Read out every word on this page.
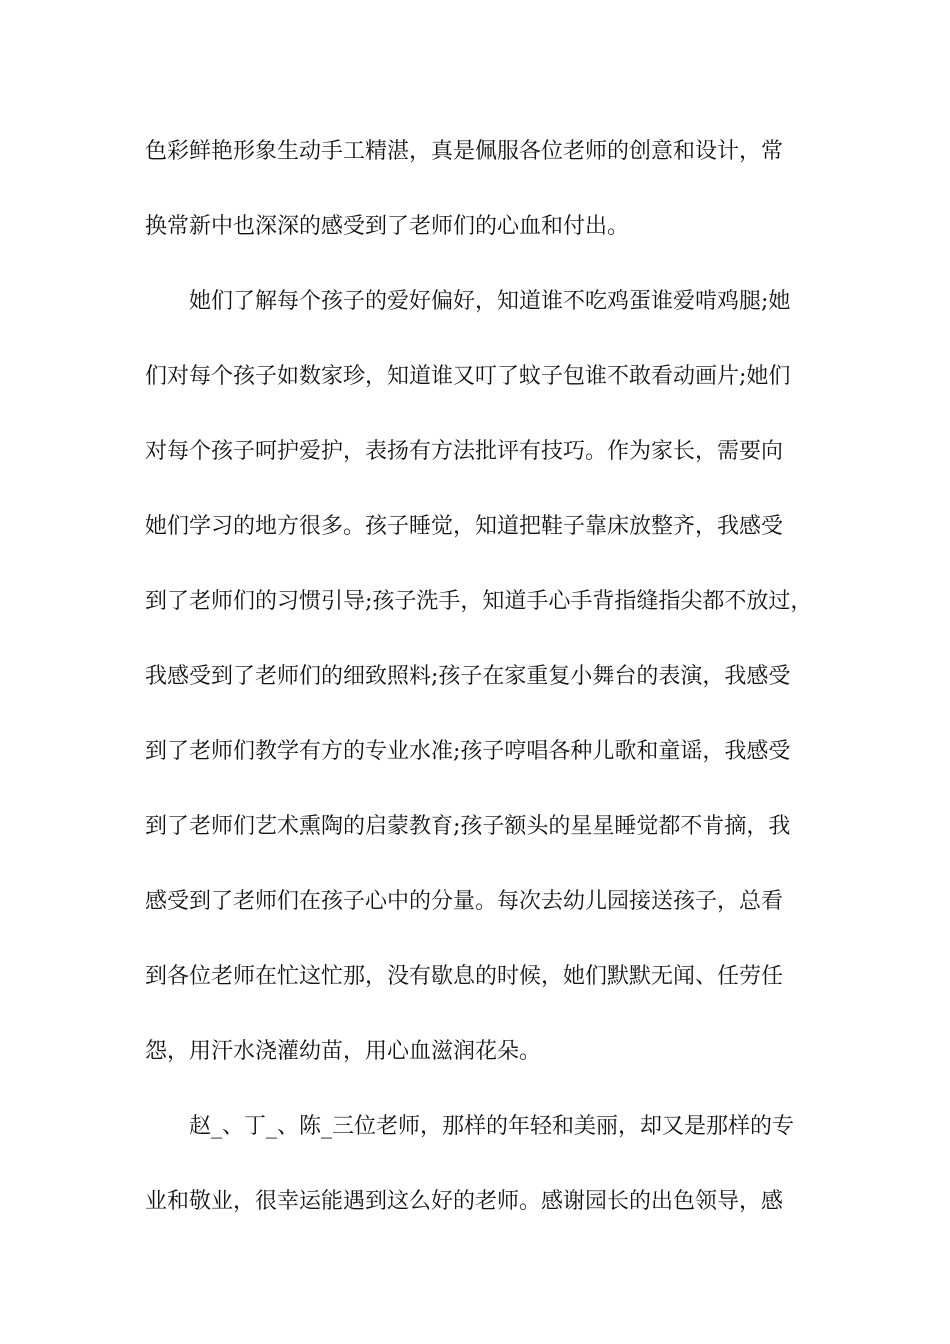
色彩鲜艳形象生动手工精湛，真是佩服各位老师的创意和设计，常
换常新中也深深的感受到了老师们的心血和付出。
她们了解每个孩子的爱好偏好，知道谁不吃鸡蛋谁爱啃鸡腿;她
们对每个孩子如数家珍，知道谁又叮了蚊子包谁不敢看动画片;她们
对每个孩子呵护爱护，表扬有方法批评有技巧。作为家长，需要向
她们学习的地方很多。孩子睡觉，知道把鞋子靠床放整齐，我感受
到了老师们的习惯引导;孩子洗手，知道手心手背指缝指尖都不放过，
我感受到了老师们的细致照料;孩子在家重复小舞台的表演，我感受
到了老师们教学有方的专业水准;孩子哼唱各种儿歌和童谣，我感受
到了老师们艺术熏陶的启蒙教育;孩子额头的星星睡觉都不肯摘，我
感受到了老师们在孩子心中的分量。每次去幼儿园接送孩子，总看
到各位老师在忙这忙那，没有歇息的时候，她们默默无闻、任劳任
怨，用汗水浇灌幼苗，用心血滋润花朵。
赵_、丁_、陈_三位老师，那样的年轻和美丽，却又是那样的专
业和敬业，很幸运能遇到这么好的老师。感谢园长的出色领导，感
